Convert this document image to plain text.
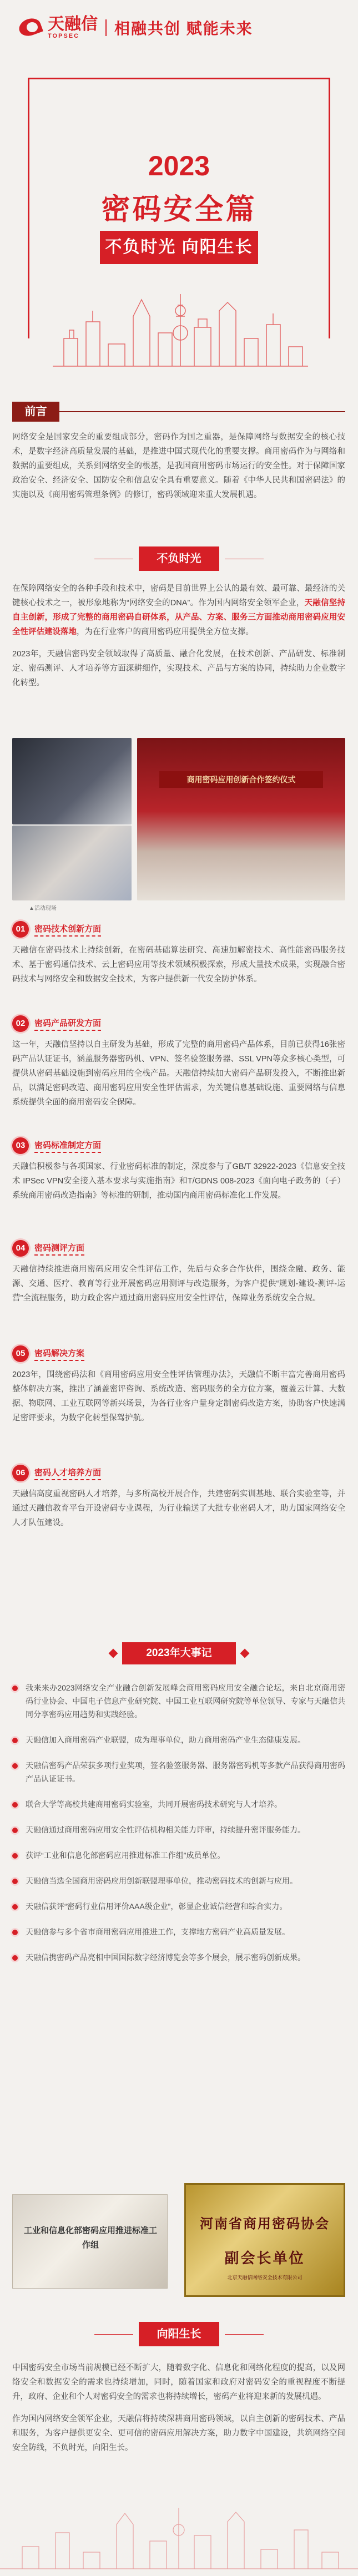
天融信
TOPSEC	相融共创 赋能未来
2023
密码安全篇
不负时光 向阳生长
前言

网络安全是国家安全的重要组成部分，密码作为国之重器，是保障网络与数据安全的核心技术，是数字经济高质量发展的基础，是推进中国式现代化的重要支撑。商用密码作为与网络和数据的重要组成，关系到网络安全的根基，是我国商用密码市场运行的安全性。对于保障国家政治安全、经济安全、国防安全和信息安全具有重要意义。随着《中华人民共和国密码法》的实施以及《商用密码管理条例》的修订，密码领域迎来重大发展机遇。

不负时光

在保障网络安全的各种手段和技术中，密码是目前世界上公认的最有效、最可靠、最经济的关键核心技术之一，被形象地称为“网络安全的DNA”。作为国内网络安全领军企业，天融信坚持自主创新，形成了完整的商用密码自研体系，从产品、方案、服务三方面推动商用密码应用安全性评估建设落地，为在行业客户的商用密码应用提供全方位支撑。

2023年，天融信密码安全领域取得了高质量、融合化发展，在技术创新、产品研发、标准制定、密码测评、人才培养等方面深耕细作，实现技术、产品与方案的协同，持续助力企业数字化转型。

商用密码应用创新合作签约仪式
▲活动现场
01	密码技术创新方面

天融信在密码技术上持续创新，在密码基础算法研究、高速加解密技术、高性能密码服务技术、基于密码通信技术、云上密码应用等技术领域积极探索，形成大量技术成果，实现融合密码技术与网络安全和数据安全技术，为客户提供新一代安全防护体系。

02	密码产品研发方面

这一年，天融信坚持以自主研发为基础，形成了完整的商用密码产品体系，目前已获得16张密码产品认证证书，涵盖服务器密码机、VPN、签名验签服务器、SSL VPN等众多核心类型，可提供从密码基础设施到密码应用的全栈产品。天融信持续加大密码产品研发投入，不断推出新品，以满足密码改造、商用密码应用安全性评估需求，为关键信息基础设施、重要网络与信息系统提供全面的商用密码安全保障。

03	密码标准制定方面

天融信积极参与各项国家、行业密码标准的制定，深度参与了GB/T 32922-2023《信息安全技术 IPSec VPN安全接入基本要求与实施指南》和T/GDNS 008-2023《面向电子政务的（子）系统商用密码改造指南》等标准的研制，推动国内商用密码标准化工作发展。

04	密码测评方面

天融信持续推进商用密码应用安全性评估工作，先后与众多合作伙伴，围绕金融、政务、能源、交通、医疗、教育等行业开展密码应用测评与改造服务，为客户提供“规划-建设-测评-运营”全流程服务，助力政企客户通过商用密码应用安全性评估，保障业务系统安全合规。

05	密码解决方案

2023年，围绕密码法和《商用密码应用安全性评估管理办法》，天融信不断丰富完善商用密码整体解决方案，推出了涵盖密评咨询、系统改造、密码服务的全方位方案，覆盖云计算、大数据、物联网、工业互联网等新兴场景，为各行业客户量身定制密码改造方案，协助客户快速满足密评要求，为数字化转型保驾护航。

06	密码人才培养方面

天融信高度重视密码人才培养，与多所高校开展合作，共建密码实训基地、联合实验室等，并通过天融信教育平台开设密码专业课程，为行业输送了大批专业密码人才，助力国家网络安全人才队伍建设。

2023年大事记
我来来办2023网络安全产业融合创新发展峰会商用密码应用安全融合论坛，来自北京商用密码行业协会、中国电子信息产业研究院、中国工业互联网研究院等单位领导、专家与天融信共同分享密码应用趋势和实践经验。
天融信加入商用密码产业联盟，成为理事单位，助力商用密码产业生态健康发展。
天融信密码产品荣获多项行业奖项，签名验签服务器、服务器密码机等多款产品获得商用密码产品认证证书。
联合大学等高校共建商用密码实验室，共同开展密码技术研究与人才培养。
天融信通过商用密码应用安全性评估机构相关能力评审，持续提升密评服务能力。
获评“工业和信息化部密码应用推进标准工作组”成员单位。
天融信当选全国商用密码应用创新联盟理事单位，推动密码技术的创新与应用。
天融信获评“密码行业信用评价AAA级企业”，彰显企业诚信经营和综合实力。
天融信参与多个省市商用密码应用推进工作，支撑地方密码产业高质量发展。
天融信携密码产品亮相中国国际数字经济博览会等多个展会，展示密码创新成果。
工业和信息化部密码应用推进标准工作组
河南省商用密码协会
副会长单位
北京天融信网络安全技术有限公司
向阳生长

中国密码安全市场当前规模已经不断扩大，随着数字化、信息化和网络化程度的提高，以及网络安全和数据安全的需求也持续增加，同时，随着国家和政府对密码安全的重视程度不断提升，政府、企业和个人对密码安全的需求也将持续增长，密码产业将迎来新的发展机遇。

作为国内网络安全领军企业，天融信将持续深耕商用密码领域，以自主创新的密码技术、产品和服务，为客户提供更安全、更可信的密码应用解决方案，助力数字中国建设，共筑网络空间安全防线，不负时光，向阳生长。
